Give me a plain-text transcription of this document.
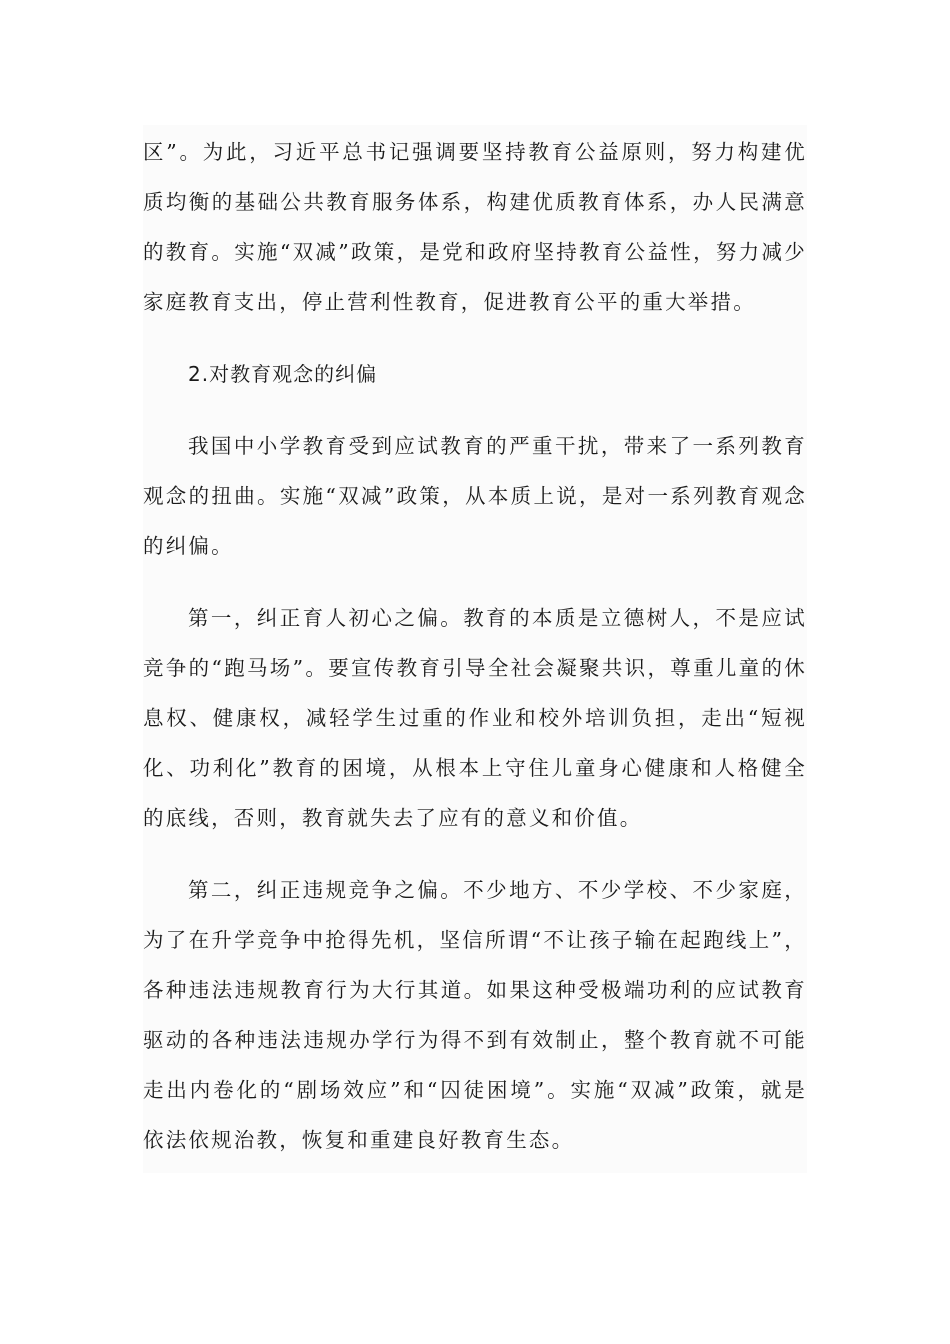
区”。为此，习近平总书记强调要坚持教育公益原则，努力构建优质均衡的基础公共教育服务体系，构建优质教育体系，办人民满意的教育。实施“双减”政策，是党和政府坚持教育公益性，努力减少家庭教育支出，停止营利性教育，促进教育公平的重大举措。

2.对教育观念的纠偏

我国中小学教育受到应试教育的严重干扰，带来了一系列教育观念的扭曲。实施“双减”政策，从本质上说，是对一系列教育观念的纠偏。

第一，纠正育人初心之偏。教育的本质是立德树人，不是应试竞争的“跑马场”。要宣传教育引导全社会凝聚共识，尊重儿童的休息权、健康权，减轻学生过重的作业和校外培训负担，走出“短视化、功利化”教育的困境，从根本上守住儿童身心健康和人格健全的底线，否则，教育就失去了应有的意义和价值。

第二，纠正违规竞争之偏。不少地方、不少学校、不少家庭，为了在升学竞争中抢得先机，坚信所谓“不让孩子输在起跑线上”，各种违法违规教育行为大行其道。如果这种受极端功利的应试教育驱动的各种违法违规办学行为得不到有效制止，整个教育就不可能走出内卷化的“剧场效应”和“囚徒困境”。实施“双减”政策，就是依法依规治教，恢复和重建良好教育生态。
